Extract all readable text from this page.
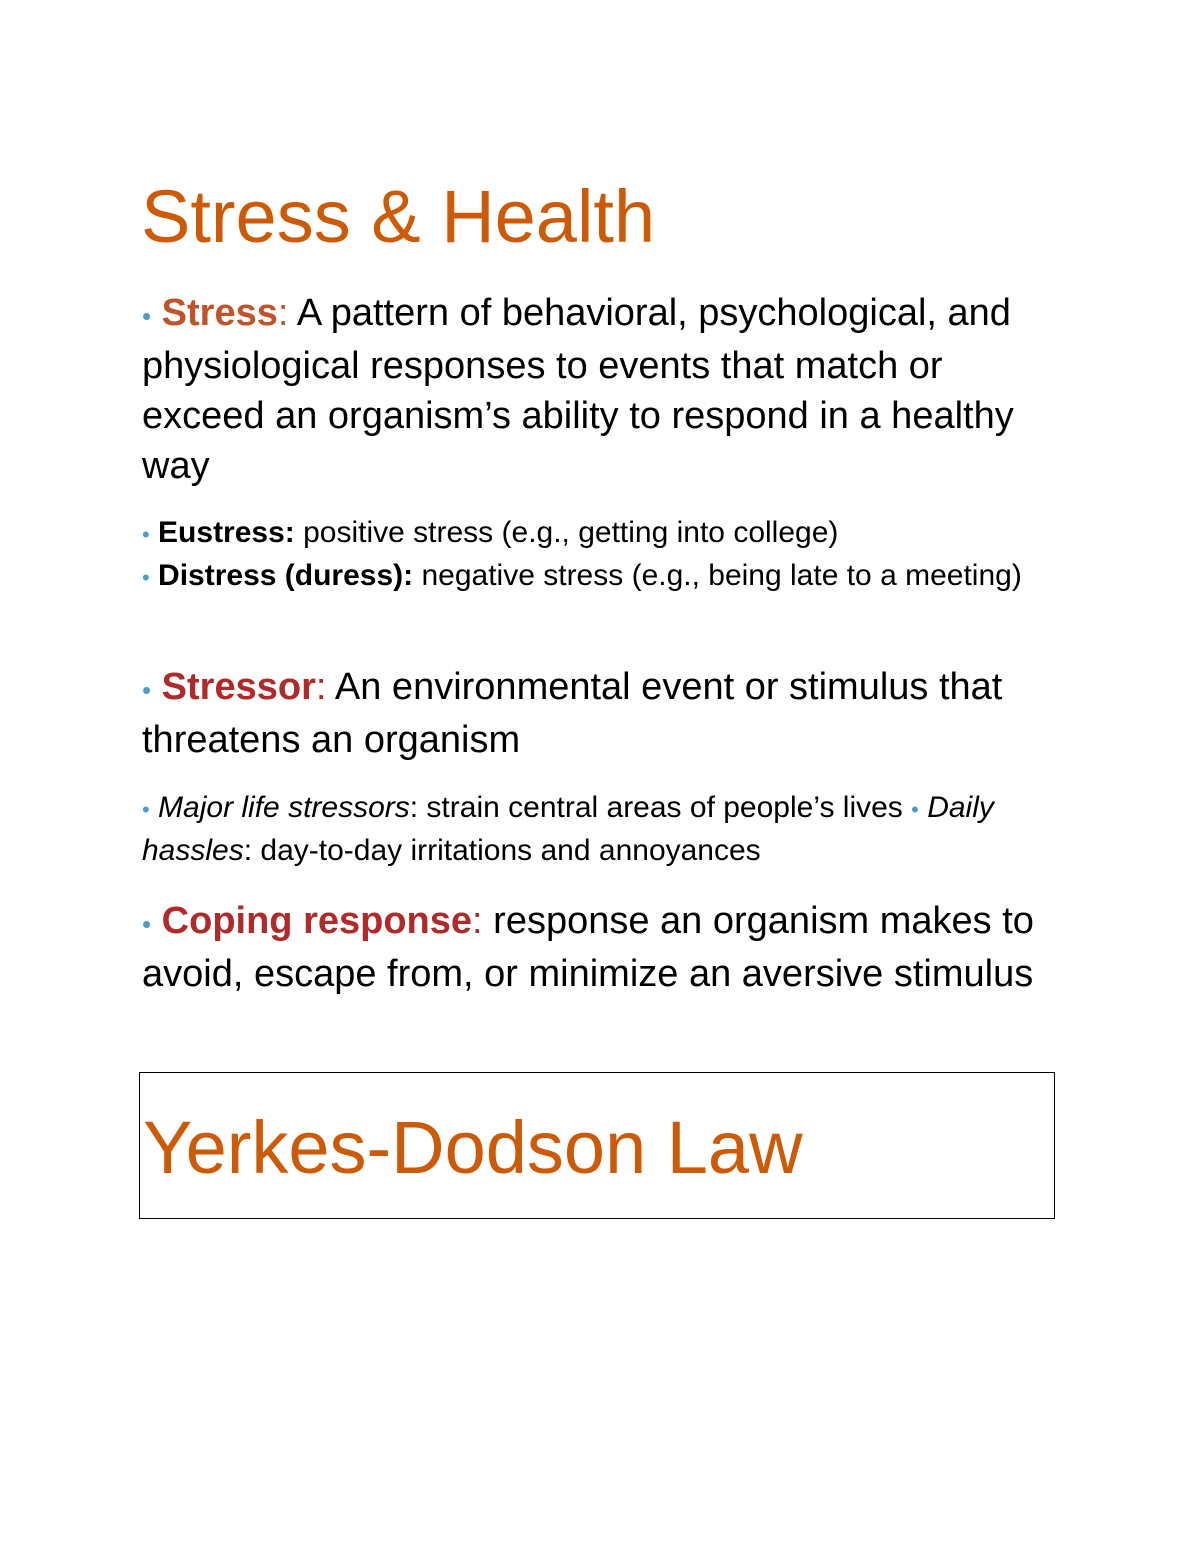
Stress & Health

• Stress: A pattern of behavioral, psychological, and physiological responses to events that match or exceed an organism’s ability to respond in a healthy way

• Eustress: positive stress (e.g., getting into college)
• Distress (duress): negative stress (e.g., being late to a meeting)

• Stressor: An environmental event or stimulus that threatens an organism

• Major life stressors: strain central areas of people’s lives • Daily hassles: day-to-day irritations and annoyances

• Coping response: response an organism makes to avoid, escape from, or minimize an aversive stimulus

Yerkes-Dodson Law
